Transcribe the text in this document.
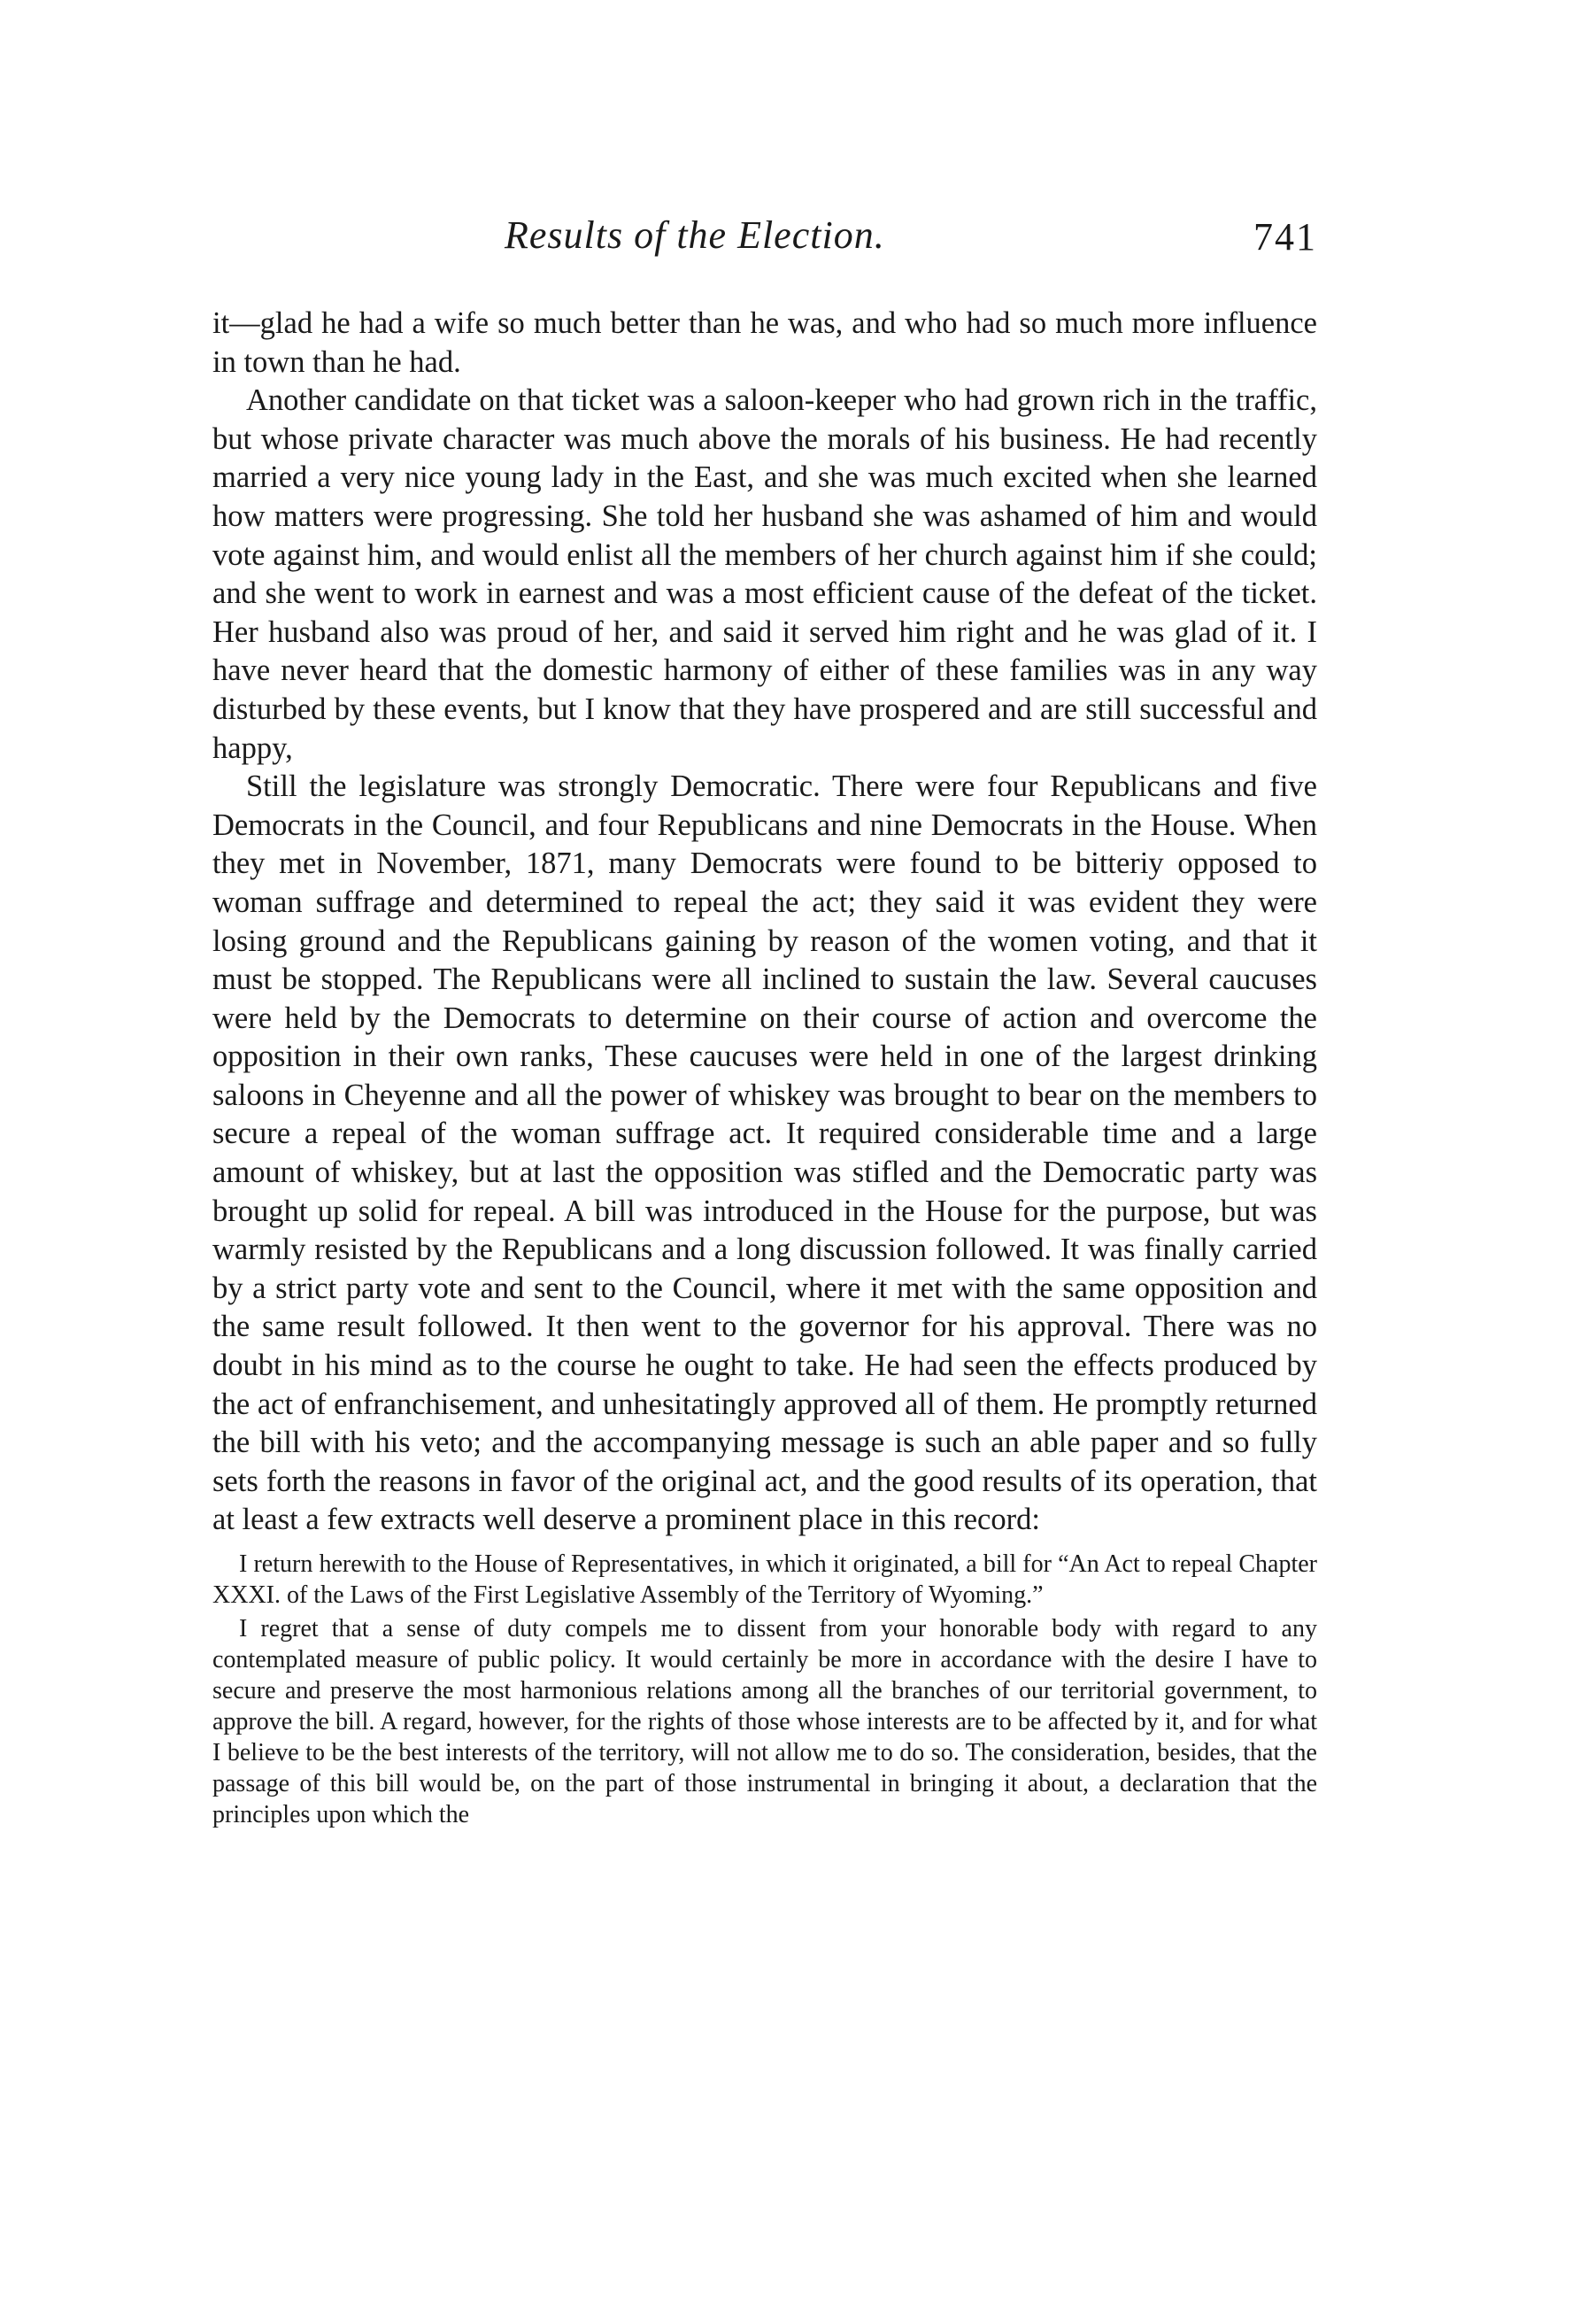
Results of the Election.	741

it—glad he had a wife so much better than he was, and who had so much more influence in town than he had.

Another candidate on that ticket was a saloon-keeper who had grown rich in the traffic, but whose private character was much above the morals of his business. He had recently married a very nice young lady in the East, and she was much excited when she learned how matters were progressing. She told her husband she was ashamed of him and would vote against him, and would enlist all the members of her church against him if she could; and she went to work in earnest and was a most efficient cause of the defeat of the ticket. Her husband also was proud of her, and said it served him right and he was glad of it. I have never heard that the domestic harmony of either of these families was in any way disturbed by these events, but I know that they have prospered and are still successful and happy,

Still the legislature was strongly Democratic. There were four Republicans and five Democrats in the Council, and four Republicans and nine Democrats in the House. When they met in November, 1871, many Democrats were found to be bitteriy opposed to woman suffrage and determined to repeal the act; they said it was evident they were losing ground and the Republicans gaining by reason of the women voting, and that it must be stopped. The Republicans were all inclined to sustain the law. Several caucuses were held by the Democrats to determine on their course of action and overcome the opposition in their own ranks, These caucuses were held in one of the largest drinking saloons in Cheyenne and all the power of whiskey was brought to bear on the members to secure a repeal of the woman suffrage act. It required considerable time and a large amount of whiskey, but at last the opposition was stifled and the Democratic party was brought up solid for repeal. A bill was introduced in the House for the purpose, but was warmly resisted by the Republicans and a long discussion followed. It was finally carried by a strict party vote and sent to the Council, where it met with the same opposition and the same result followed. It then went to the governor for his approval. There was no doubt in his mind as to the course he ought to take. He had seen the effects produced by the act of enfranchisement, and unhesitatingly approved all of them. He promptly returned the bill with his veto; and the accompanying message is such an able paper and so fully sets forth the reasons in favor of the original act, and the good results of its operation, that at least a few extracts well deserve a prominent place in this record:

I return herewith to the House of Representatives, in which it originated, a bill for “An Act to repeal Chapter XXXI. of the Laws of the First Legislative Assembly of the Territory of Wyoming.”

I regret that a sense of duty compels me to dissent from your honorable body with regard to any contemplated measure of public policy. It would certainly be more in accordance with the desire I have to secure and preserve the most harmonious relations among all the branches of our territorial government, to approve the bill. A regard, however, for the rights of those whose interests are to be affected by it, and for what I believe to be the best interests of the territory, will not allow me to do so. The consideration, besides, that the passage of this bill would be, on the part of those instrumental in bringing it about, a declaration that the principles upon which the
